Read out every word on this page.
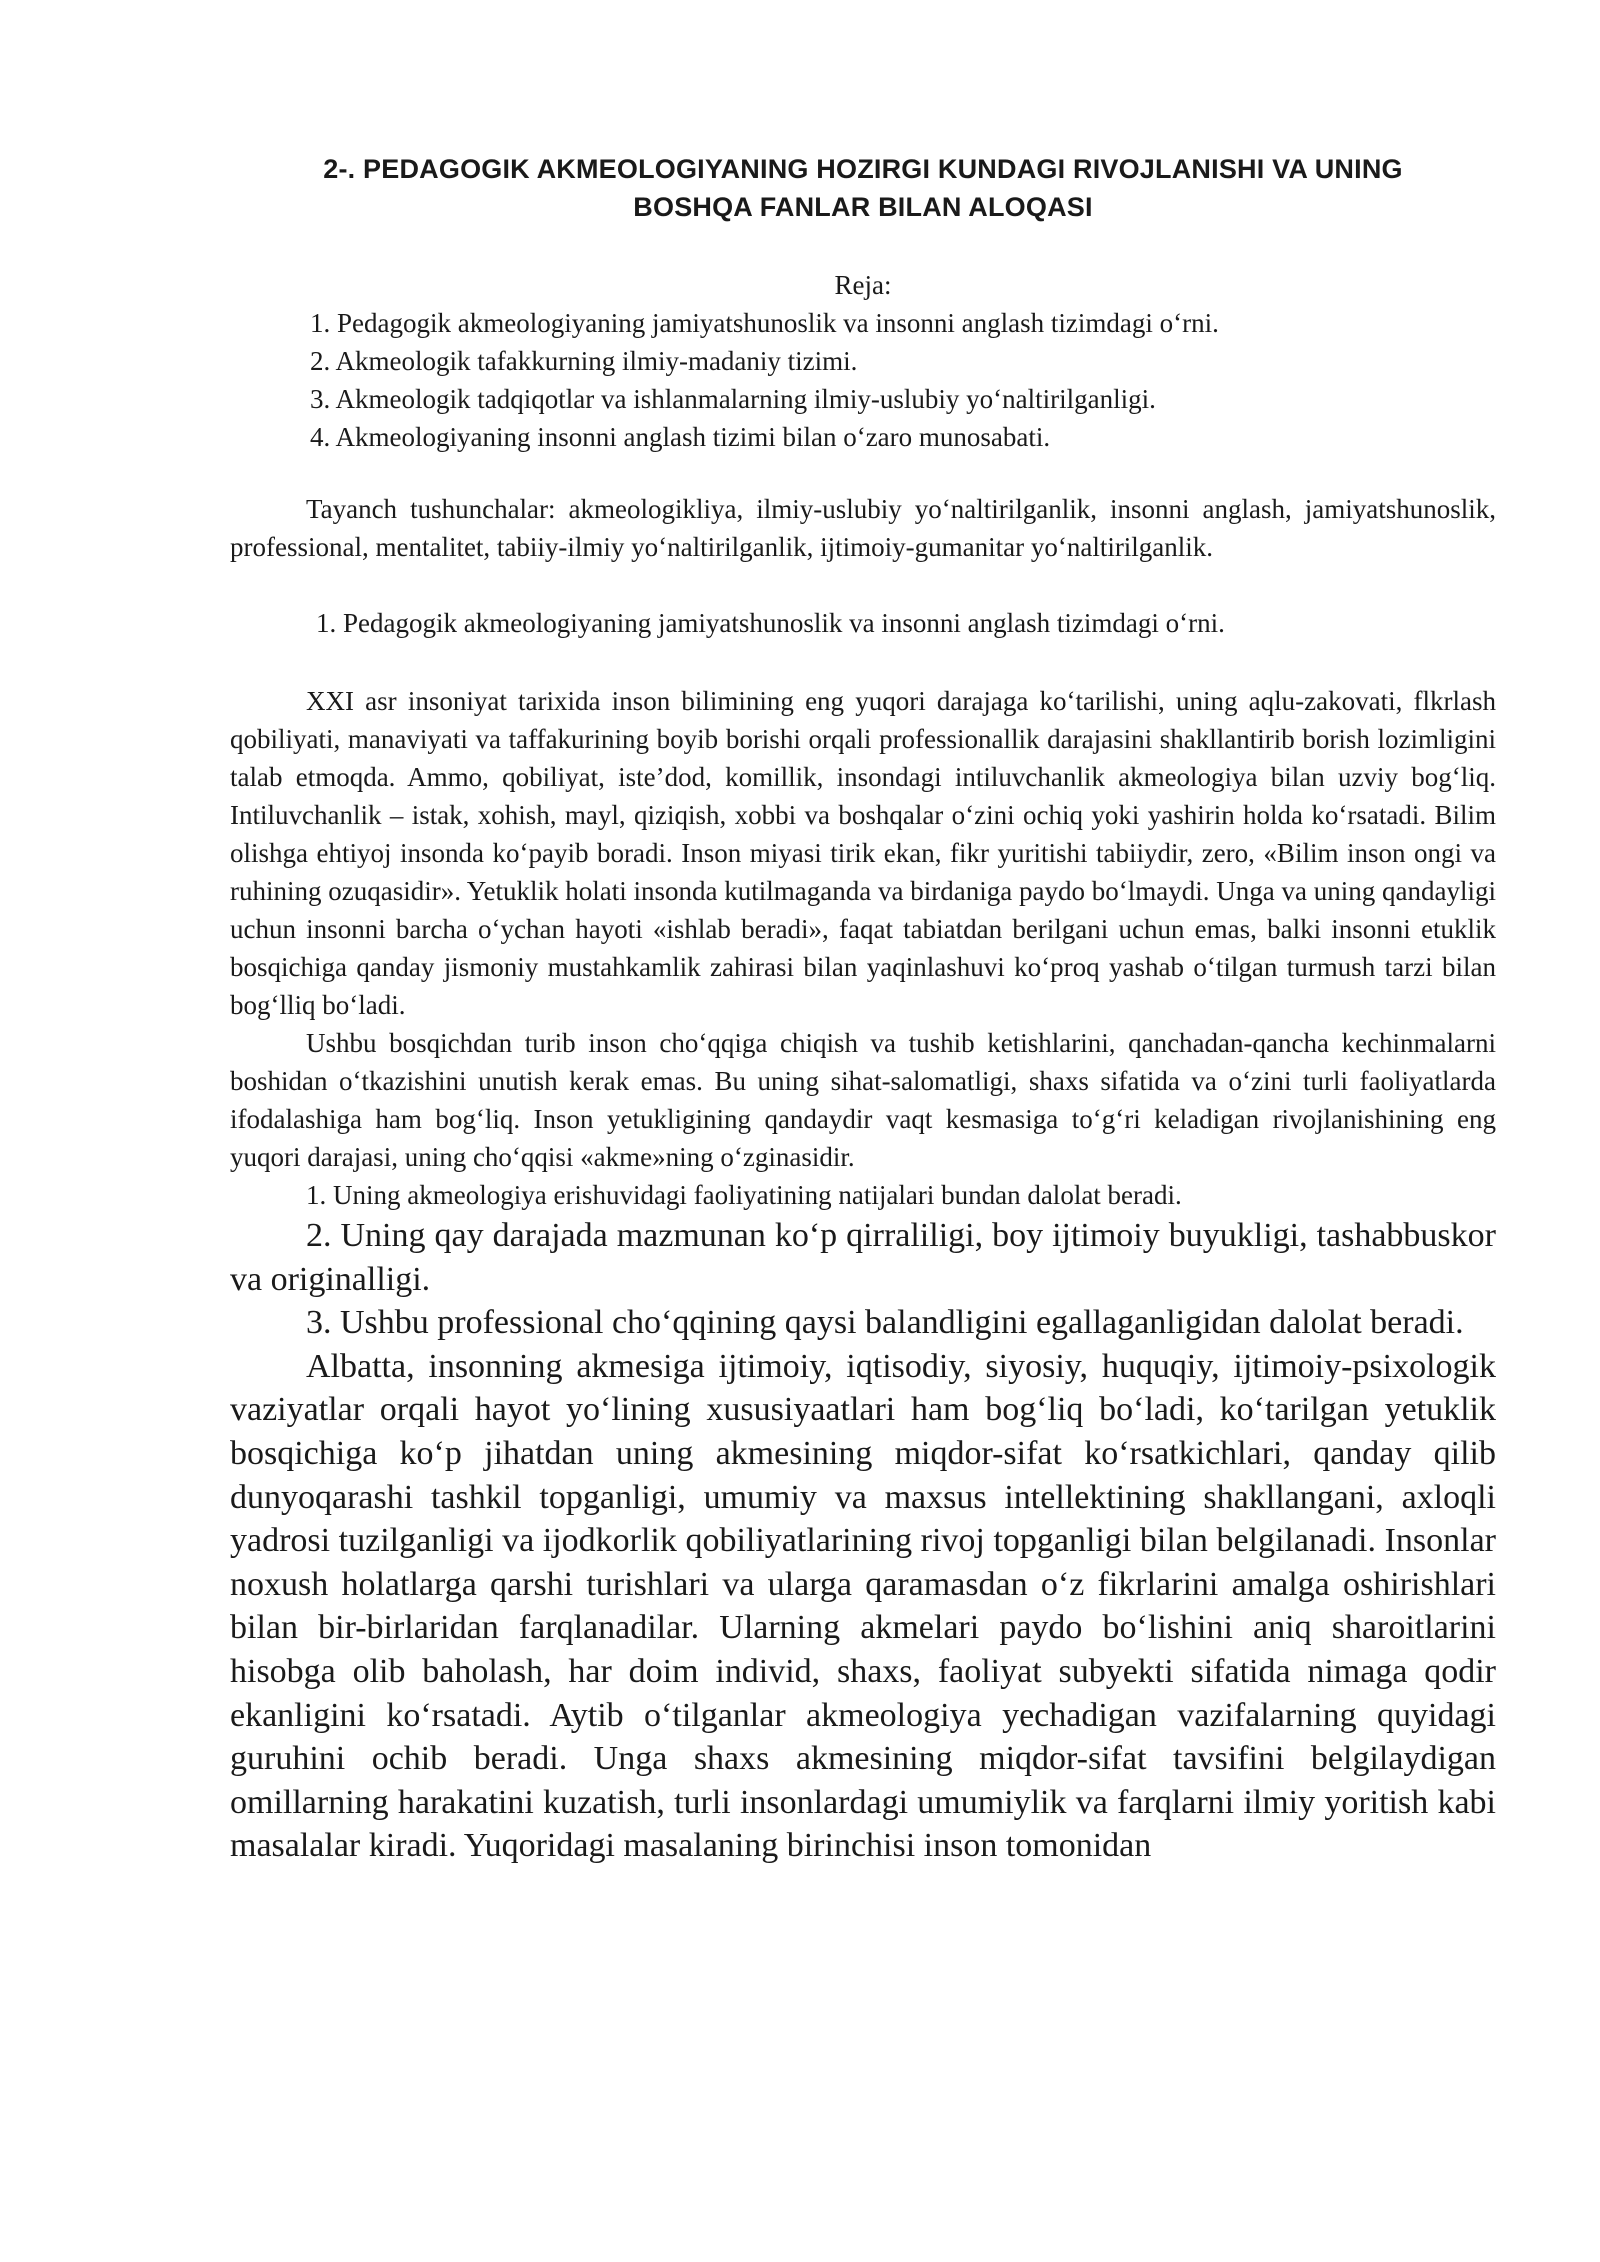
2-. PEDAGOGIK AKMEOLOGIYANING HOZIRGI KUNDAGI RIVOJLANISHI VA UNING
BOSHQA FANLAR BILAN ALOQASI
Reja:
1. Pedagogik akmeologiyaning jamiyatshunoslik va insonni anglash tizimdagi o‘rni.
2. Akmeologik tafakkurning ilmiy-madaniy tizimi.
3. Akmeologik tadqiqotlar va ishlanmalarning ilmiy-uslubiy yo‘naltirilganligi.
4. Akmeologiyaning insonni anglash tizimi bilan o‘zaro munosabati.

Tayanch tushunchalar: akmeologikliya, ilmiy-uslubiy yo‘naltirilganlik, insonni anglash, jamiyatshunoslik, professional, mentalitet, tabiiy-ilmiy yo‘naltirilganlik, ijtimoiy-gumanitar yo‘naltirilganlik.

1. Pedagogik akmeologiyaning jamiyatshunoslik va insonni anglash tizimdagi o‘rni.

XXI asr insoniyat tarixida inson bilimining eng yuqori darajaga ko‘tarilishi, uning aqlu-zakovati, flkrlash qobiliyati, manaviyati va taffakurining boyib borishi orqali professionallik darajasini shakllantirib borish lozimligini talab etmoqda. Ammo, qobiliyat, iste’dod, komillik, insondagi intiluvchanlik akmeologiya bilan uzviy bog‘liq. Intiluvchanlik – istak, xohish, mayl, qiziqish, xobbi va boshqalar o‘zini ochiq yoki yashirin holda ko‘rsatadi. Bilim olishga ehtiyoj insonda ko‘payib boradi. Inson miyasi tirik ekan, fikr yuritishi tabiiydir, zero, «Bilim inson ongi va ruhining ozuqasidir». Yetuklik holati insonda kutilmaganda va birdaniga paydo bo‘lmaydi. Unga va uning qandayligi uchun insonni barcha o‘ychan hayoti «ishlab beradi», faqat tabiatdan berilgani uchun emas, balki insonni etuklik bosqichiga qanday jismoniy mustahkamlik zahirasi bilan yaqinlashuvi ko‘proq yashab o‘tilgan turmush tarzi bilan bog‘lliq bo‘ladi.

Ushbu bosqichdan turib inson cho‘qqiga chiqish va tushib ketishlarini, qanchadan-qancha kechinmalarni boshidan o‘tkazishini unutish kerak emas. Bu uning sihat-salomatligi, shaxs sifatida va o‘zini turli faoliyatlarda ifodalashiga ham bog‘liq. Inson yetukligining qandaydir vaqt kesmasiga to‘g‘ri keladigan rivojlanishining eng yuqori darajasi, uning cho‘qqisi «akme»ning o‘zginasidir.

1. Uning akmeologiya erishuvidagi faoliyatining natijalari bundan dalolat beradi.

2. Uning qay darajada mazmunan ko‘p qirraliligi, boy ijtimoiy buyukligi, tashabbuskor va originalligi.

3. Ushbu professional cho‘qqining qaysi balandligini egallaganligidan dalolat beradi.

Albatta, insonning akmesiga ijtimoiy, iqtisodiy, siyosiy, huquqiy, ijtimoiy-psixologik vaziyatlar orqali hayot yo‘lining xususiyaatlari ham bog‘liq bo‘ladi, ko‘tarilgan yetuklik bosqichiga ko‘p jihatdan uning akmesining miqdor-sifat ko‘rsatkichlari, qanday qilib dunyoqarashi tashkil topganligi, umumiy va maxsus intellektining shakllangani, axloqli yadrosi tuzilganligi va ijodkorlik qobiliyatlarining rivoj topganligi bilan belgilanadi. Insonlar noxush holatlarga qarshi turishlari va ularga qaramasdan o‘z fikrlarini amalga oshirishlari bilan bir-birlaridan farqlanadilar. Ularning akmelari paydo bo‘lishini aniq sharoitlarini hisobga olib baholash, har doim individ, shaxs, faoliyat subyekti sifatida nimaga qodir ekanligini ko‘rsatadi. Aytib o‘tilganlar akmeologiya yechadigan vazifalarning quyidagi guruhini ochib beradi. Unga shaxs akmesining miqdor-sifat tavsifini belgilaydigan omillarning harakatini kuzatish, turli insonlardagi umumiylik va farqlarni ilmiy yoritish kabi masalalar kiradi. Yuqoridagi masalaning birinchisi inson tomonidan
